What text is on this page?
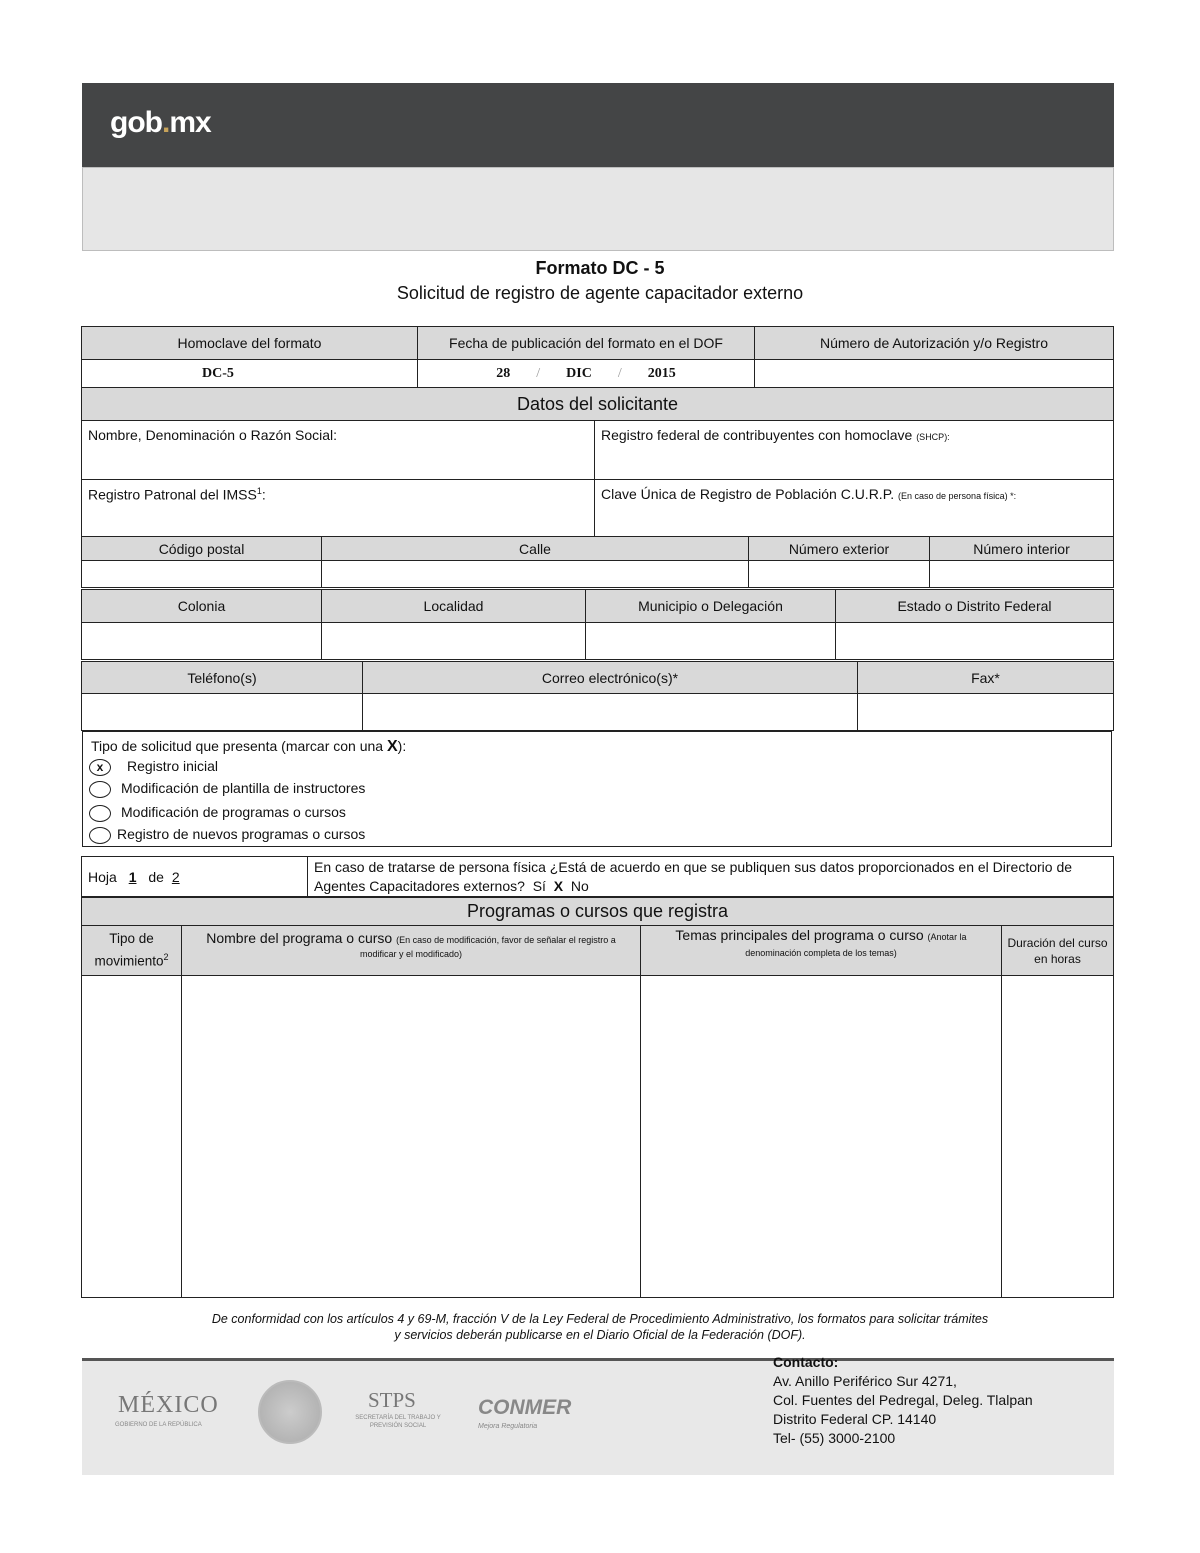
gob.mx
Formato DC - 5
Solicitud de registro de agente capacitador externo
Homoclave del formato	Fecha de publicación del formato en el DOF	Número de Autorización y/o Registro
DC-5	28 / DIC / 2015	
Datos del solicitante		
Nombre, Denominación o Razón Social:	Registro federal de contribuyentes con homoclave (SHCP):
Registro Patronal del IMSS$^1$:	Clave Única de Registro de Población C.U.R.P. (En caso de persona física) *:
Código postal	Calle	Número exterior	Número interior

Colonia	Localidad	Municipio o Delegación	Estado o Distrito Federal

Teléfono(s)	Correo electrónico(s)*	Fax*

Tipo de solicitud que presenta (marcar con una X):
x Registro inicial
Modificación de plantilla de instructores
Modificación de programas o cursos
Registro de nuevos programas o cursos
Hoja 1 de 2	En caso de tratarse de persona física ¿Está de acuerdo en que se publiquen sus datos proporcionados en el Directorio de Agentes Capacitadores externos? Sí X No
Programas o cursos que registra			
Tipo de movimiento$^2$	Nombre del programa o curso (En caso de modificación, favor de señalar el registro a modificar y el modificado)	Temas principales del programa o curso (Anotar la denominación completa de los temas)	Duración del curso en horas

De conformidad con los artículos 4 y 69-M, fracción V de la Ley Federal de Procedimiento Administrativo, los formatos para solicitar trámites
y servicios deberán publicarse en el Diario Oficial de la Federación (DOF).
MÉXICO
GOBIERNO DE LA REPÚBLICA
STPS
SECRETARÍA DEL TRABAJO Y PREVISIÓN SOCIAL
CONMER
Mejora Regulatoria
Contacto:
Av. Anillo Periférico Sur 4271,
Col. Fuentes del Pedregal, Deleg. Tlalpan
Distrito Federal CP. 14140
Tel- (55) 3000-2100
